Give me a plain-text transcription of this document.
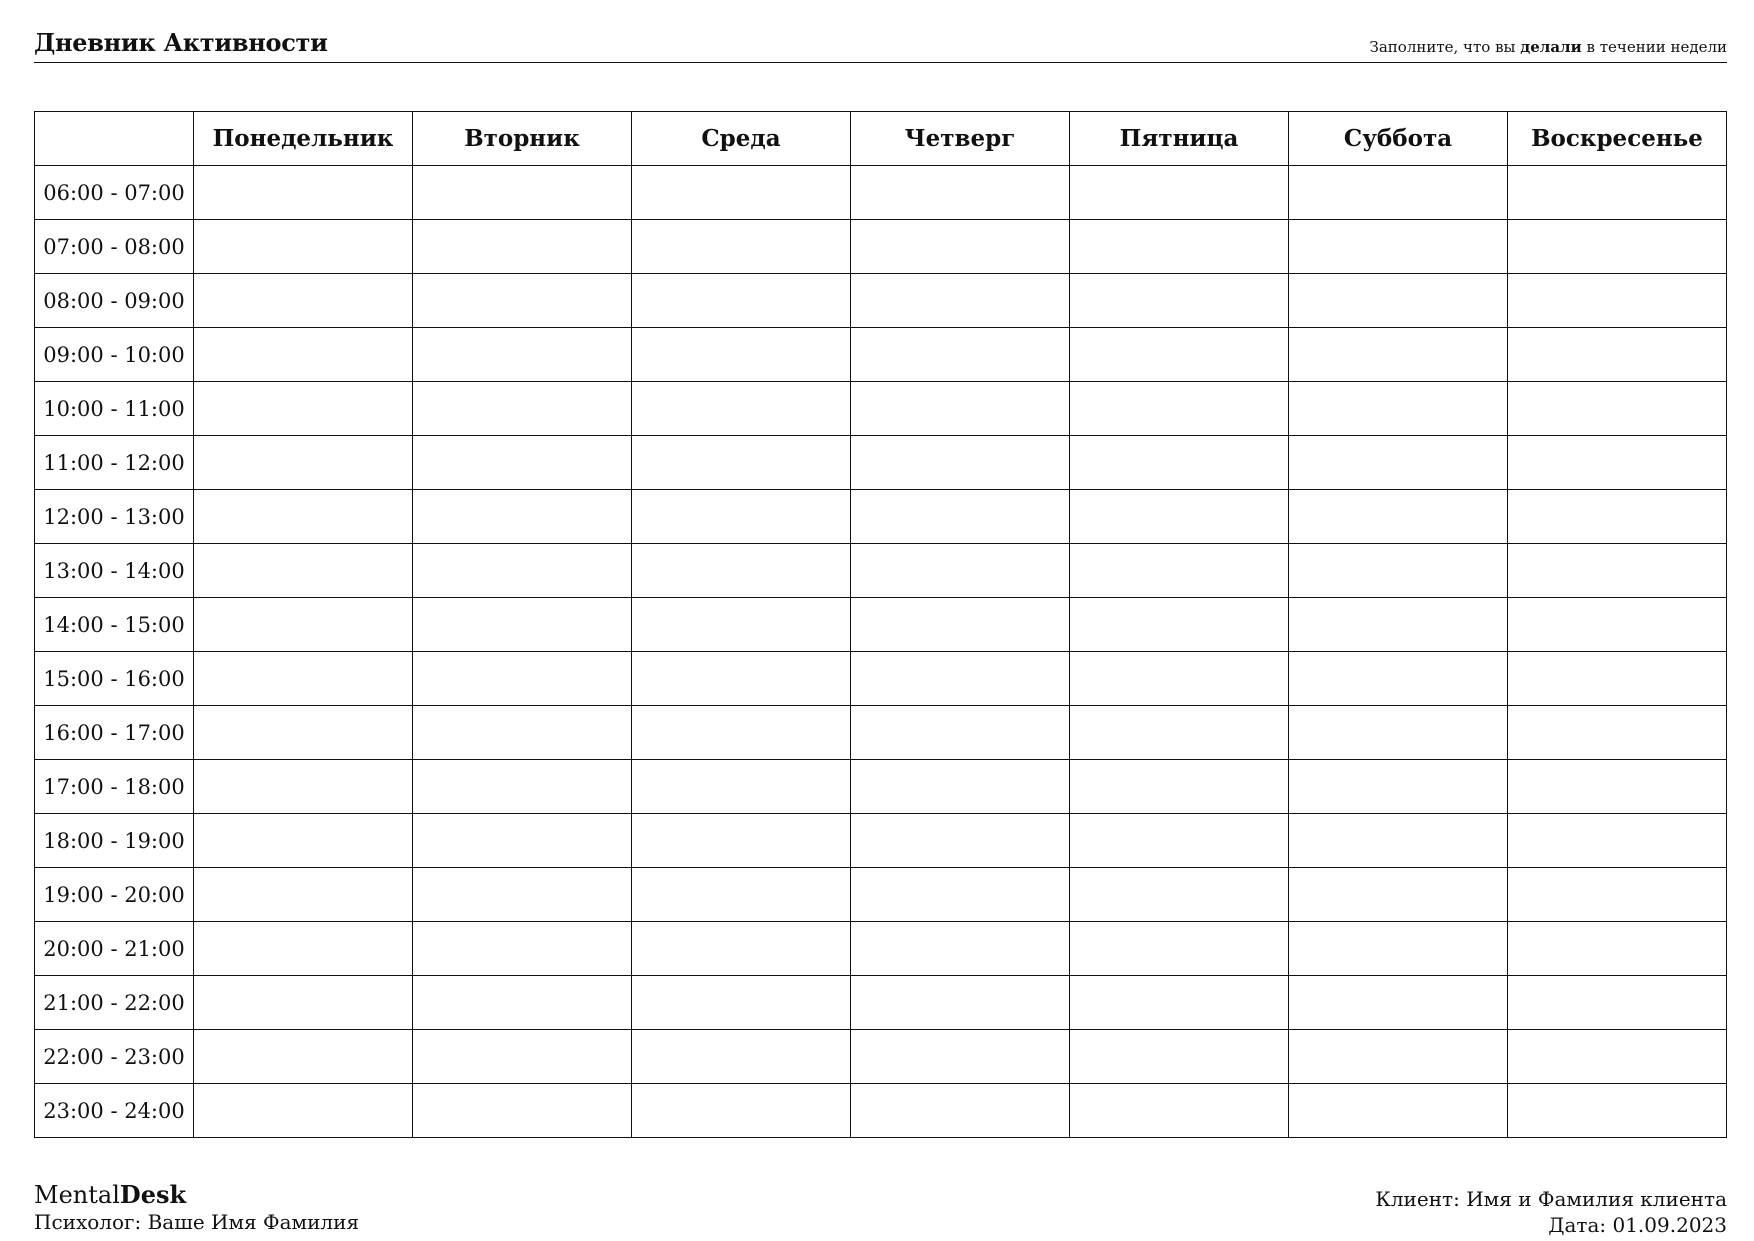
Дневник Активности	Заполните, что вы делали в течении недели
	Понедельник	Вторник	Среда	Четверг	Пятница	Суббота	Воскресенье
06:00 - 07:00							
07:00 - 08:00							
08:00 - 09:00							
09:00 - 10:00							
10:00 - 11:00							
11:00 - 12:00							
12:00 - 13:00							
13:00 - 14:00							
14:00 - 15:00							
15:00 - 16:00							
16:00 - 17:00							
17:00 - 18:00							
18:00 - 19:00							
19:00 - 20:00							
20:00 - 21:00							
21:00 - 22:00							
22:00 - 23:00							
23:00 - 24:00							
MentalDesk
Психолог: Ваше Имя Фамилия
Клиент: Имя и Фамилия клиента
Дата: 01.09.2023
